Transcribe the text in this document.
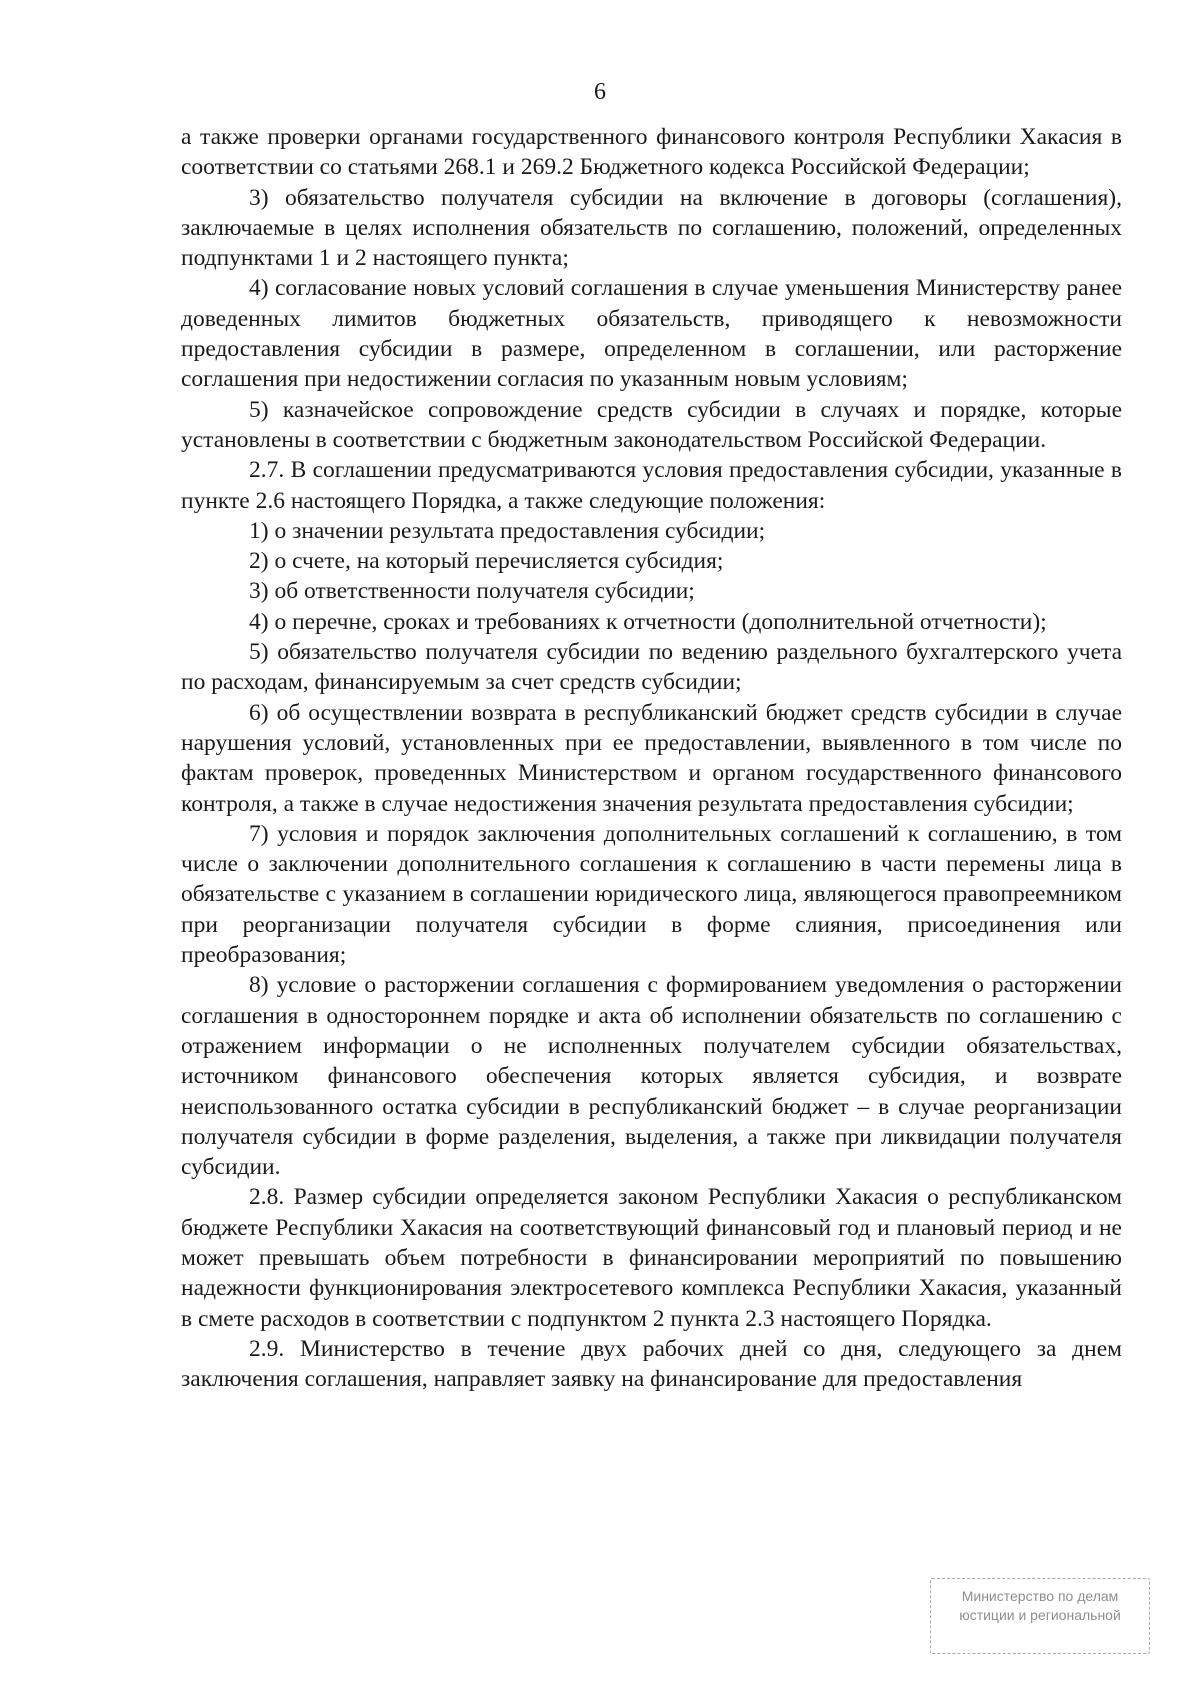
6

а также проверки органами государственного финансового контроля Республики Хакасия в соответствии со статьями 268.1 и 269.2 Бюджетного кодекса Российской Федерации;

3) обязательство получателя субсидии на включение в договоры (соглашения), заключаемые в целях исполнения обязательств по соглашению, положений, определенных подпунктами 1 и 2 настоящего пункта;

4) согласование новых условий соглашения в случае уменьшения Министерству ранее доведенных лимитов бюджетных обязательств, приводящего к невозможности предоставления субсидии в размере, определенном в соглашении, или расторжение соглашения при недостижении согласия по указанным новым условиям;

5) казначейское сопровождение средств субсидии в случаях и порядке, которые установлены в соответствии с бюджетным законодательством Российской Федерации.

2.7. В соглашении предусматриваются условия предоставления субсидии, указанные в пункте 2.6 настоящего Порядка, а также следующие положения:

1) о значении результата предоставления субсидии;

2) о счете, на который перечисляется субсидия;

3) об ответственности получателя субсидии;

4) о перечне, сроках и требованиях к отчетности (дополнительной отчетности);

5) обязательство получателя субсидии по ведению раздельного бухгалтерского учета по расходам, финансируемым за счет средств субсидии;

6) об осуществлении возврата в республиканский бюджет средств субсидии в случае нарушения условий, установленных при ее предоставлении, выявленного в том числе по фактам проверок, проведенных Министерством и органом государственного финансового контроля, а также в случае недостижения значения результата предоставления субсидии;

7) условия и порядок заключения дополнительных соглашений к соглашению, в том числе о заключении дополнительного соглашения к соглашению в части перемены лица в обязательстве с указанием в соглашении юридического лица, являющегося правопреемником при реорганизации получателя субсидии в форме слияния, присоединения или преобразования;

8) условие о расторжении соглашения с формированием уведомления о расторжении соглашения в одностороннем порядке и акта об исполнении обязательств по соглашению с отражением информации о не исполненных получателем субсидии обязательствах, источником финансового обеспечения которых является субсидия, и возврате неиспользованного остатка субсидии в республиканский бюджет – в случае реорганизации получателя субсидии в форме разделения, выделения, а также при ликвидации получателя субсидии.

2.8. Размер субсидии определяется законом Республики Хакасия о республиканском бюджете Республики Хакасия на соответствующий финансовый год и плановый период и не может превышать объем потребности в финансировании мероприятий по повышению надежности функционирования электросетевого комплекса Республики Хакасия, указанный в смете расходов в соответствии с подпунктом 2 пункта 2.3 настоящего Порядка.

2.9. Министерство в течение двух рабочих дней со дня, следующего за днем заключения соглашения, направляет заявку на финансирование для предоставления

Министерство по делам
юстиции и региональной
